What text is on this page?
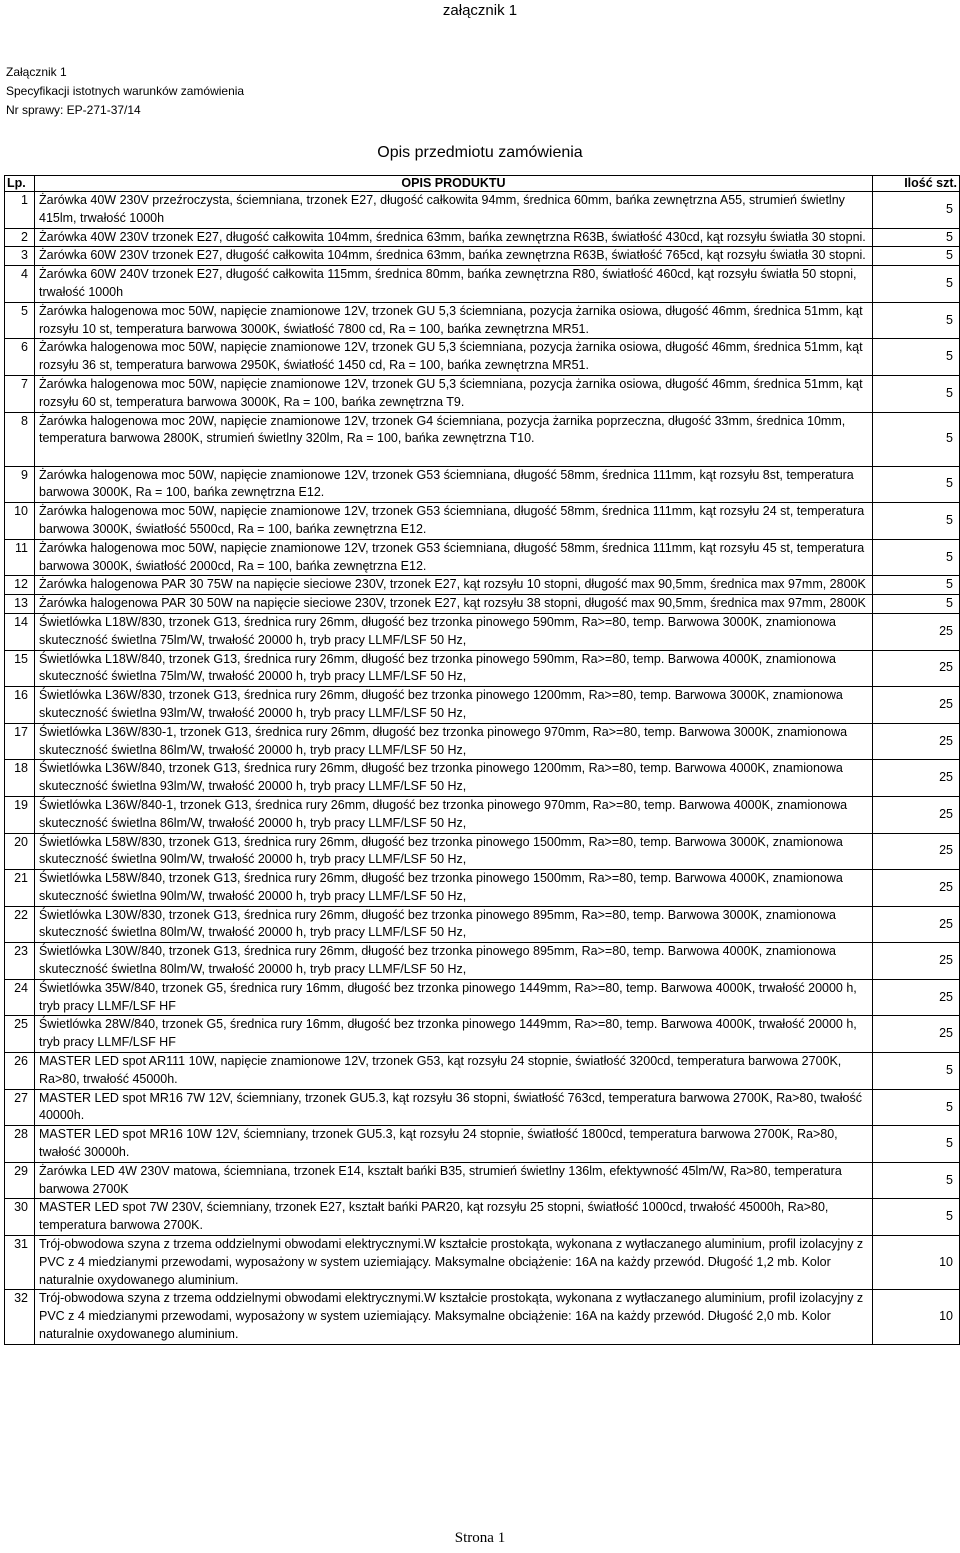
załącznik 1
Załącznik 1
Specyfikacji istotnych warunków zamówienia
Nr sprawy: EP-271-37/14
Opis przedmiotu zamówienia
Lp.	OPIS PRODUKTU	Ilość szt.
1	Żarówka 40W 230V przeźroczysta, ściemniana, trzonek E27, długość całkowita 94mm, średnica 60mm, bańka zewnętrzna A55, strumień świetlny 415lm, trwałość 1000h	5
2	Żarówka 40W 230V trzonek E27, długość całkowita 104mm, średnica 63mm, bańka zewnętrzna R63B, światłość 430cd, kąt rozsyłu światła 30 stopni.	5
3	Żarówka 60W 230V trzonek E27, długość całkowita 104mm, średnica 63mm, bańka zewnętrzna R63B, światłość 765cd, kąt rozsyłu światła 30 stopni.	5
4	Żarówka 60W 240V trzonek E27, długość całkowita 115mm, średnica 80mm, bańka zewnętrzna R80, światłość 460cd, kąt rozsyłu światła 50 stopni, trwałość 1000h	5
5	Żarówka halogenowa moc 50W, napięcie znamionowe 12V, trzonek GU 5,3 ściemniana, pozycja żarnika osiowa, długość 46mm, średnica 51mm, kąt rozsyłu 10 st, temperatura barwowa 3000K, światłość 7800 cd, Ra = 100, bańka zewnętrzna MR51.	5
6	Żarówka halogenowa moc 50W, napięcie znamionowe 12V, trzonek GU 5,3 ściemniana, pozycja żarnika osiowa, długość 46mm, średnica 51mm, kąt rozsyłu 36 st, temperatura barwowa 2950K, światłość 1450 cd, Ra = 100, bańka zewnętrzna MR51.	5
7	Żarówka halogenowa moc 50W, napięcie znamionowe 12V, trzonek GU 5,3 ściemniana, pozycja żarnika osiowa, długość 46mm, średnica 51mm, kąt rozsyłu 60 st, temperatura barwowa 3000K, Ra = 100, bańka zewnętrzna T9.	5
8	Żarówka halogenowa moc 20W, napięcie znamionowe 12V, trzonek G4 ściemniana, pozycja żarnika poprzeczna, długość 33mm, średnica 10mm, temperatura barwowa 2800K, strumień świetlny 320lm, Ra = 100, bańka zewnętrzna T10.	5
9	Żarówka halogenowa moc 50W, napięcie znamionowe 12V, trzonek G53 ściemniana, długość 58mm, średnica 111mm, kąt rozsyłu 8st, temperatura barwowa 3000K, Ra = 100, bańka zewnętrzna E12.	5
10	Żarówka halogenowa moc 50W, napięcie znamionowe 12V, trzonek G53 ściemniana, długość 58mm, średnica 111mm, kąt rozsyłu 24 st, temperatura barwowa 3000K, światłość 5500cd, Ra = 100, bańka zewnętrzna E12.	5
11	Żarówka halogenowa moc 50W, napięcie znamionowe 12V, trzonek G53 ściemniana, długość 58mm, średnica 111mm, kąt rozsyłu 45 st, temperatura barwowa 3000K, światłość 2000cd, Ra = 100, bańka zewnętrzna E12.	5
12	Żarówka halogenowa PAR 30 75W na napięcie sieciowe 230V, trzonek E27, kąt rozsyłu 10 stopni, długość max 90,5mm, średnica max 97mm, 2800K	5
13	Żarówka halogenowa PAR 30 50W na napięcie sieciowe 230V, trzonek E27, kąt rozsyłu 38 stopni, długość max 90,5mm, średnica max 97mm, 2800K	5
14	Świetlówka L18W/830, trzonek G13, średnica rury 26mm, długość bez trzonka pinowego 590mm, Ra>=80, temp. Barwowa 3000K, znamionowa skuteczność świetlna 75lm/W, trwałość 20000 h, tryb pracy LLMF/LSF 50 Hz,	25
15	Świetlówka L18W/840, trzonek G13, średnica rury 26mm, długość bez trzonka pinowego 590mm, Ra>=80, temp. Barwowa 4000K, znamionowa skuteczność świetlna 75lm/W, trwałość 20000 h, tryb pracy LLMF/LSF 50 Hz,	25
16	Świetlówka L36W/830, trzonek G13, średnica rury 26mm, długość bez trzonka pinowego 1200mm, Ra>=80, temp. Barwowa 3000K, znamionowa skuteczność świetlna 93lm/W, trwałość 20000 h, tryb pracy LLMF/LSF 50 Hz,	25
17	Świetlówka L36W/830-1, trzonek G13, średnica rury 26mm, długość bez trzonka pinowego 970mm, Ra>=80, temp. Barwowa 3000K, znamionowa skuteczność świetlna 86lm/W, trwałość 20000 h, tryb pracy LLMF/LSF 50 Hz,	25
18	Świetlówka L36W/840, trzonek G13, średnica rury 26mm, długość bez trzonka pinowego 1200mm, Ra>=80, temp. Barwowa 4000K, znamionowa skuteczność świetlna 93lm/W, trwałość 20000 h, tryb pracy LLMF/LSF 50 Hz,	25
19	Świetlówka L36W/840-1, trzonek G13, średnica rury 26mm, długość bez trzonka pinowego 970mm, Ra>=80, temp. Barwowa 4000K, znamionowa skuteczność świetlna 86lm/W, trwałość 20000 h, tryb pracy LLMF/LSF 50 Hz,	25
20	Świetlówka L58W/830, trzonek G13, średnica rury 26mm, długość bez trzonka pinowego 1500mm, Ra>=80, temp. Barwowa 3000K, znamionowa skuteczność świetlna 90lm/W, trwałość 20000 h, tryb pracy LLMF/LSF 50 Hz,	25
21	Świetlówka L58W/840, trzonek G13, średnica rury 26mm, długość bez trzonka pinowego 1500mm, Ra>=80, temp. Barwowa 4000K, znamionowa skuteczność świetlna 90lm/W, trwałość 20000 h, tryb pracy LLMF/LSF 50 Hz,	25
22	Świetlówka L30W/830, trzonek G13, średnica rury 26mm, długość bez trzonka pinowego 895mm, Ra>=80, temp. Barwowa 3000K, znamionowa skuteczność świetlna 80lm/W, trwałość 20000 h, tryb pracy LLMF/LSF 50 Hz,	25
23	Świetlówka L30W/840, trzonek G13, średnica rury 26mm, długość bez trzonka pinowego 895mm, Ra>=80, temp. Barwowa 4000K, znamionowa skuteczność świetlna 80lm/W, trwałość 20000 h, tryb pracy LLMF/LSF 50 Hz,	25
24	Świetlówka 35W/840, trzonek G5, średnica rury 16mm, długość bez trzonka pinowego 1449mm, Ra>=80, temp. Barwowa 4000K, trwałość 20000 h, tryb pracy LLMF/LSF HF	25
25	Świetlówka 28W/840, trzonek G5, średnica rury 16mm, długość bez trzonka pinowego 1449mm, Ra>=80, temp. Barwowa 4000K, trwałość 20000 h, tryb pracy LLMF/LSF HF	25
26	MASTER LED spot AR111 10W, napięcie znamionowe 12V, trzonek G53, kąt rozsyłu 24 stopnie, światłość 3200cd, temperatura barwowa 2700K, Ra>80, trwałość 45000h.	5
27	MASTER LED spot MR16 7W 12V, ściemniany, trzonek GU5.3, kąt rozsyłu 36 stopni, światłość 763cd, temperatura barwowa 2700K, Ra>80, twałość 40000h.	5
28	MASTER LED spot MR16 10W 12V, ściemniany, trzonek GU5.3, kąt rozsyłu 24 stopnie, światłość 1800cd, temperatura barwowa 2700K, Ra>80, twałość 30000h.	5
29	Żarówka LED 4W 230V matowa, ściemniana, trzonek E14, kształt bańki B35, strumień świetlny 136lm, efektywność 45lm/W, Ra>80, temperatura barwowa 2700K	5
30	MASTER LED spot 7W 230V, ściemniany, trzonek E27, kształt bańki PAR20, kąt rozsyłu 25 stopni, światłość 1000cd, trwałość 45000h, Ra>80, temperatura barwowa 2700K.	5
31	Trój-obwodowa szyna z trzema oddzielnymi obwodami elektrycznymi.W kształcie prostokąta, wykonana z wytłaczanego aluminium, profil izolacyjny z PVC z 4 miedzianymi przewodami, wyposażony w system uziemiający. Maksymalne obciążenie: 16A na każdy przewód. Długość 1,2 mb. Kolor naturalnie oxydowanego aluminium.	10
32	Trój-obwodowa szyna z trzema oddzielnymi obwodami elektrycznymi.W kształcie prostokąta, wykonana z wytłaczanego aluminium, profil izolacyjny z PVC z 4 miedzianymi przewodami, wyposażony w system uziemiający. Maksymalne obciążenie: 16A na każdy przewód. Długość 2,0 mb. Kolor naturalnie oxydowanego aluminium.	10
Strona 1
